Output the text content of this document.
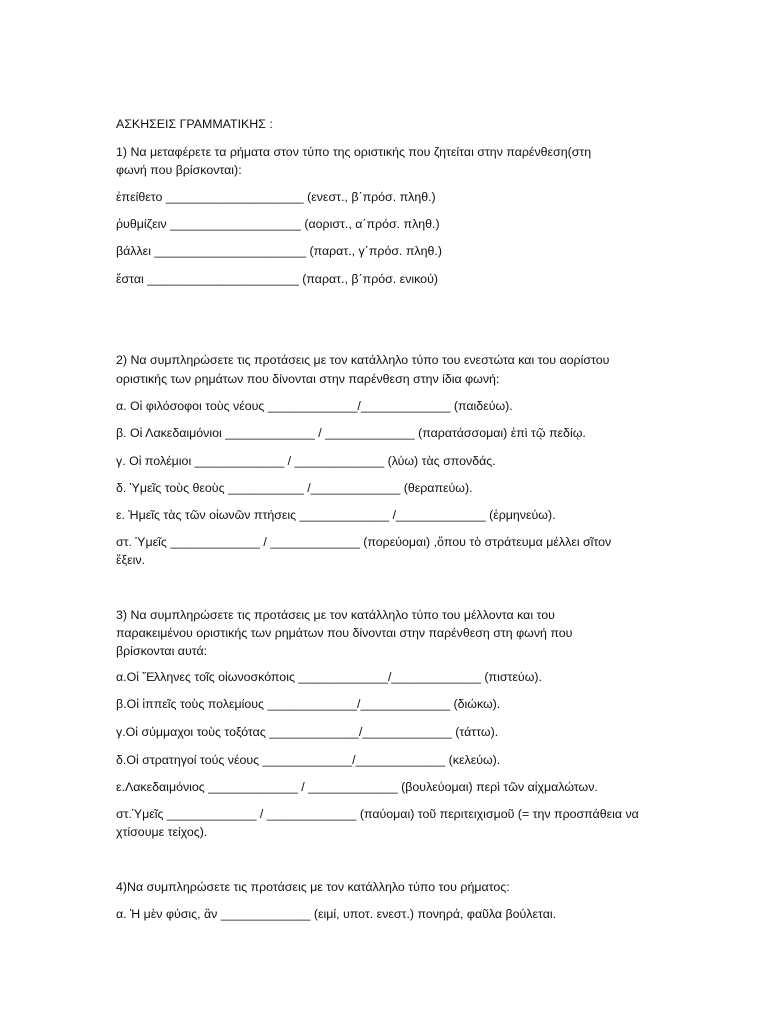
ΑΣΚΗΣΕΙΣ ΓΡΑΜΜΑΤΙΚΗΣ :
1) Να μεταφέρετε τα ρήματα στον τύπο της οριστικής που ζητείται στην παρένθεση(στη
φωνή που βρίσκονται):
ἐπείθετο ____________________ (ενεστ., β΄πρόσ. πληθ.)
ῥυθμίζειν ___________________ (αοριστ., α΄πρόσ. πληθ.)
βάλλει ______________________ (παρατ., γ΄πρόσ. πληθ.)
ἔσται ______________________ (παρατ., β΄πρόσ. ενικού)
2) Να συμπληρώσετε τις προτάσεις με τον κατάλληλο τύπο του ενεστώτα και του αορίστου
οριστικής των ρημάτων που δίνονται στην παρένθεση στην ίδια φωνή:
α. Οἱ φιλόσοφοι τοὺς νέους _____________/_____________ (παιδεύω).
β. Οἱ Λακεδαιμόνιοι _____________ / _____________ (παρατάσσομαι) ἐπὶ τῷ πεδίῳ.
γ. Οἱ πολέμιοι _____________ / _____________ (λύω) τὰς σπονδάς.
δ. Ὑμεῖς τοὺς θεοὺς ___________ /_____________ (θεραπεύω).
ε. Ἡμεῖς τὰς τῶν οἰωνῶν πτήσεις _____________ /_____________ (ἑρμηνεύω).
στ. Ὑμεῖς _____________ / _____________ (πορεύομαι) ,ὅπου τὸ στράτευμα μέλλει σῖτον
ἕξειν.
3) Να συμπληρώσετε τις προτάσεις με τον κατάλληλο τύπο του μέλλοντα και του
παρακειμένου οριστικής των ρημάτων που δίνονται στην παρένθεση στη φωνή που
βρίσκονται αυτά:
α.Οἱ Ἕλληνες τοῖς οἰωνοσκόποις _____________/_____________ (πιστεύω).
β.Οἱ ἱππεῖς τοὺς πολεμίους _____________/_____________ (διώκω).
γ.Οἱ σύμμαχοι τοὺς τοξότας _____________/_____________ (τάττω).
δ.Οἱ στρατηγοί τούς νέους _____________/_____________ (κελεύω).
ε.Λακεδαιμόνιος _____________ / _____________ (βουλεύομαι) περὶ τῶν αἰχμαλώτων.
στ.Ὑμεῖς _____________ / _____________ (παύομαι) τοῦ περιτειχισμοῦ (= την προσπάθεια να
χτίσουμε τείχος).
4)Να συμπληρώσετε τις προτάσεις με τον κατάλληλο τύπο του ρήματος:
α. Ἡ μὲν φύσις, ἂν _____________ (ειμί, υποτ. ενεστ.) πονηρά, φαῦλα βούλεται.
